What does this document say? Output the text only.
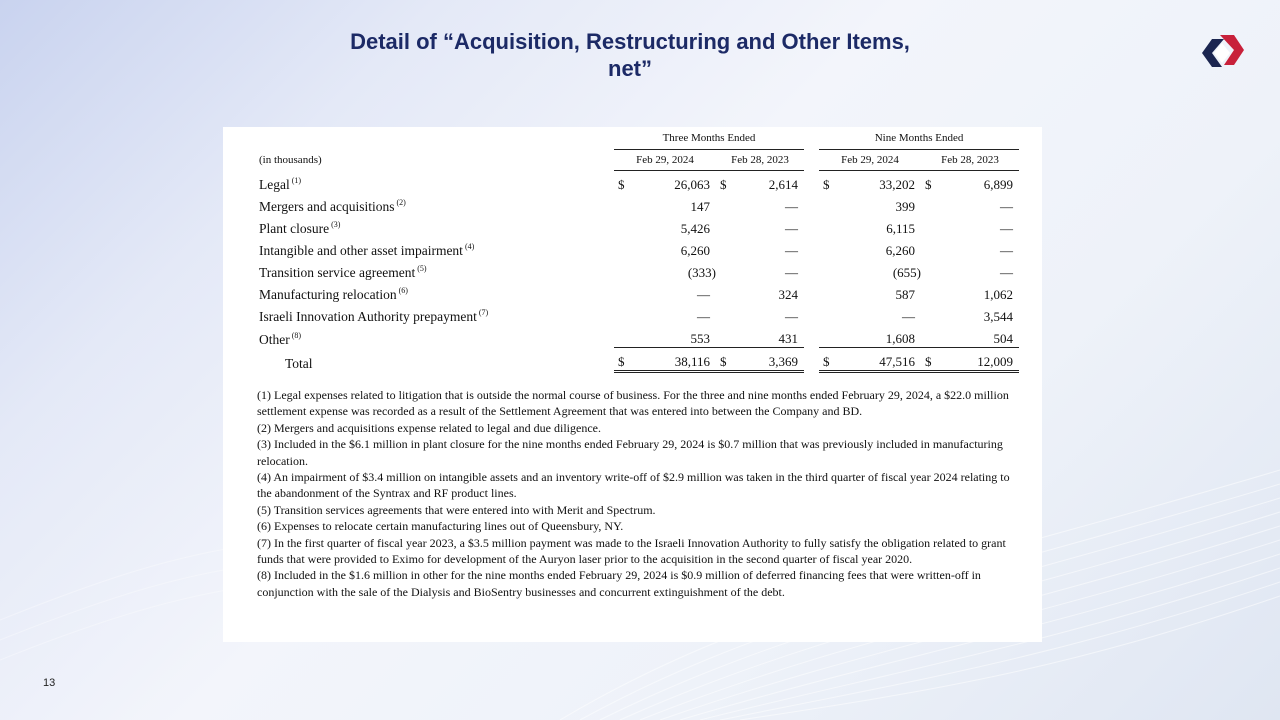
Detail of “Acquisition, Restructuring and Other Items, net”
	Three Months Ended					Nine Months Ended			
(in thousands)	Feb 29, 2024		Feb 28, 2023			Feb 29, 2024		Feb 28, 2023	
Legal $^{(1)}$	$	26,063	$	2,614		$	33,202	$	6,899
Mergers and acquisitions $^{(2)}$		147		—			399		—
Plant closure $^{(3)}$		5,426		—			6,115		—
Intangible and other asset impairment $^{(4)}$		6,260		—			6,260		—
Transition service agreement $^{(5)}$		(333)		—			(655)		—
Manufacturing relocation $^{(6)}$		—		324			587		1,062
Israeli Innovation Authority prepayment $^{(7)}$		—		—			—		3,544
Other $^{(8)}$		553		431			1,608		504
Total	$	38,116	$	3,369		$	47,516	$	12,009

(1) Legal expenses related to litigation that is outside the normal course of business. For the three and nine months ended February 29, 2024, a $22.0 million settlement expense was recorded as a result of the Settlement Agreement that was entered into between the Company and BD.

(2) Mergers and acquisitions expense related to legal and due diligence.

(3) Included in the $6.1 million in plant closure for the nine months ended February 29, 2024 is $0.7 million that was previously included in manufacturing relocation.

(4) An impairment of $3.4 million on intangible assets and an inventory write-off of $2.9 million was taken in the third quarter of fiscal year 2024 relating to the abandonment of the Syntrax and RF product lines.

(5) Transition services agreements that were entered into with Merit and Spectrum.

(6) Expenses to relocate certain manufacturing lines out of Queensbury, NY.

(7) In the first quarter of fiscal year 2023, a $3.5 million payment was made to the Israeli Innovation Authority to fully satisfy the obligation related to grant funds that were provided to Eximo for development of the Auryon laser prior to the acquisition in the second quarter of fiscal year 2020.

(8) Included in the $1.6 million in other for the nine months ended February 29, 2024 is $0.9 million of deferred financing fees that were written-off in conjunction with the sale of the Dialysis and BioSentry businesses and concurrent extinguishment of the debt.

13
